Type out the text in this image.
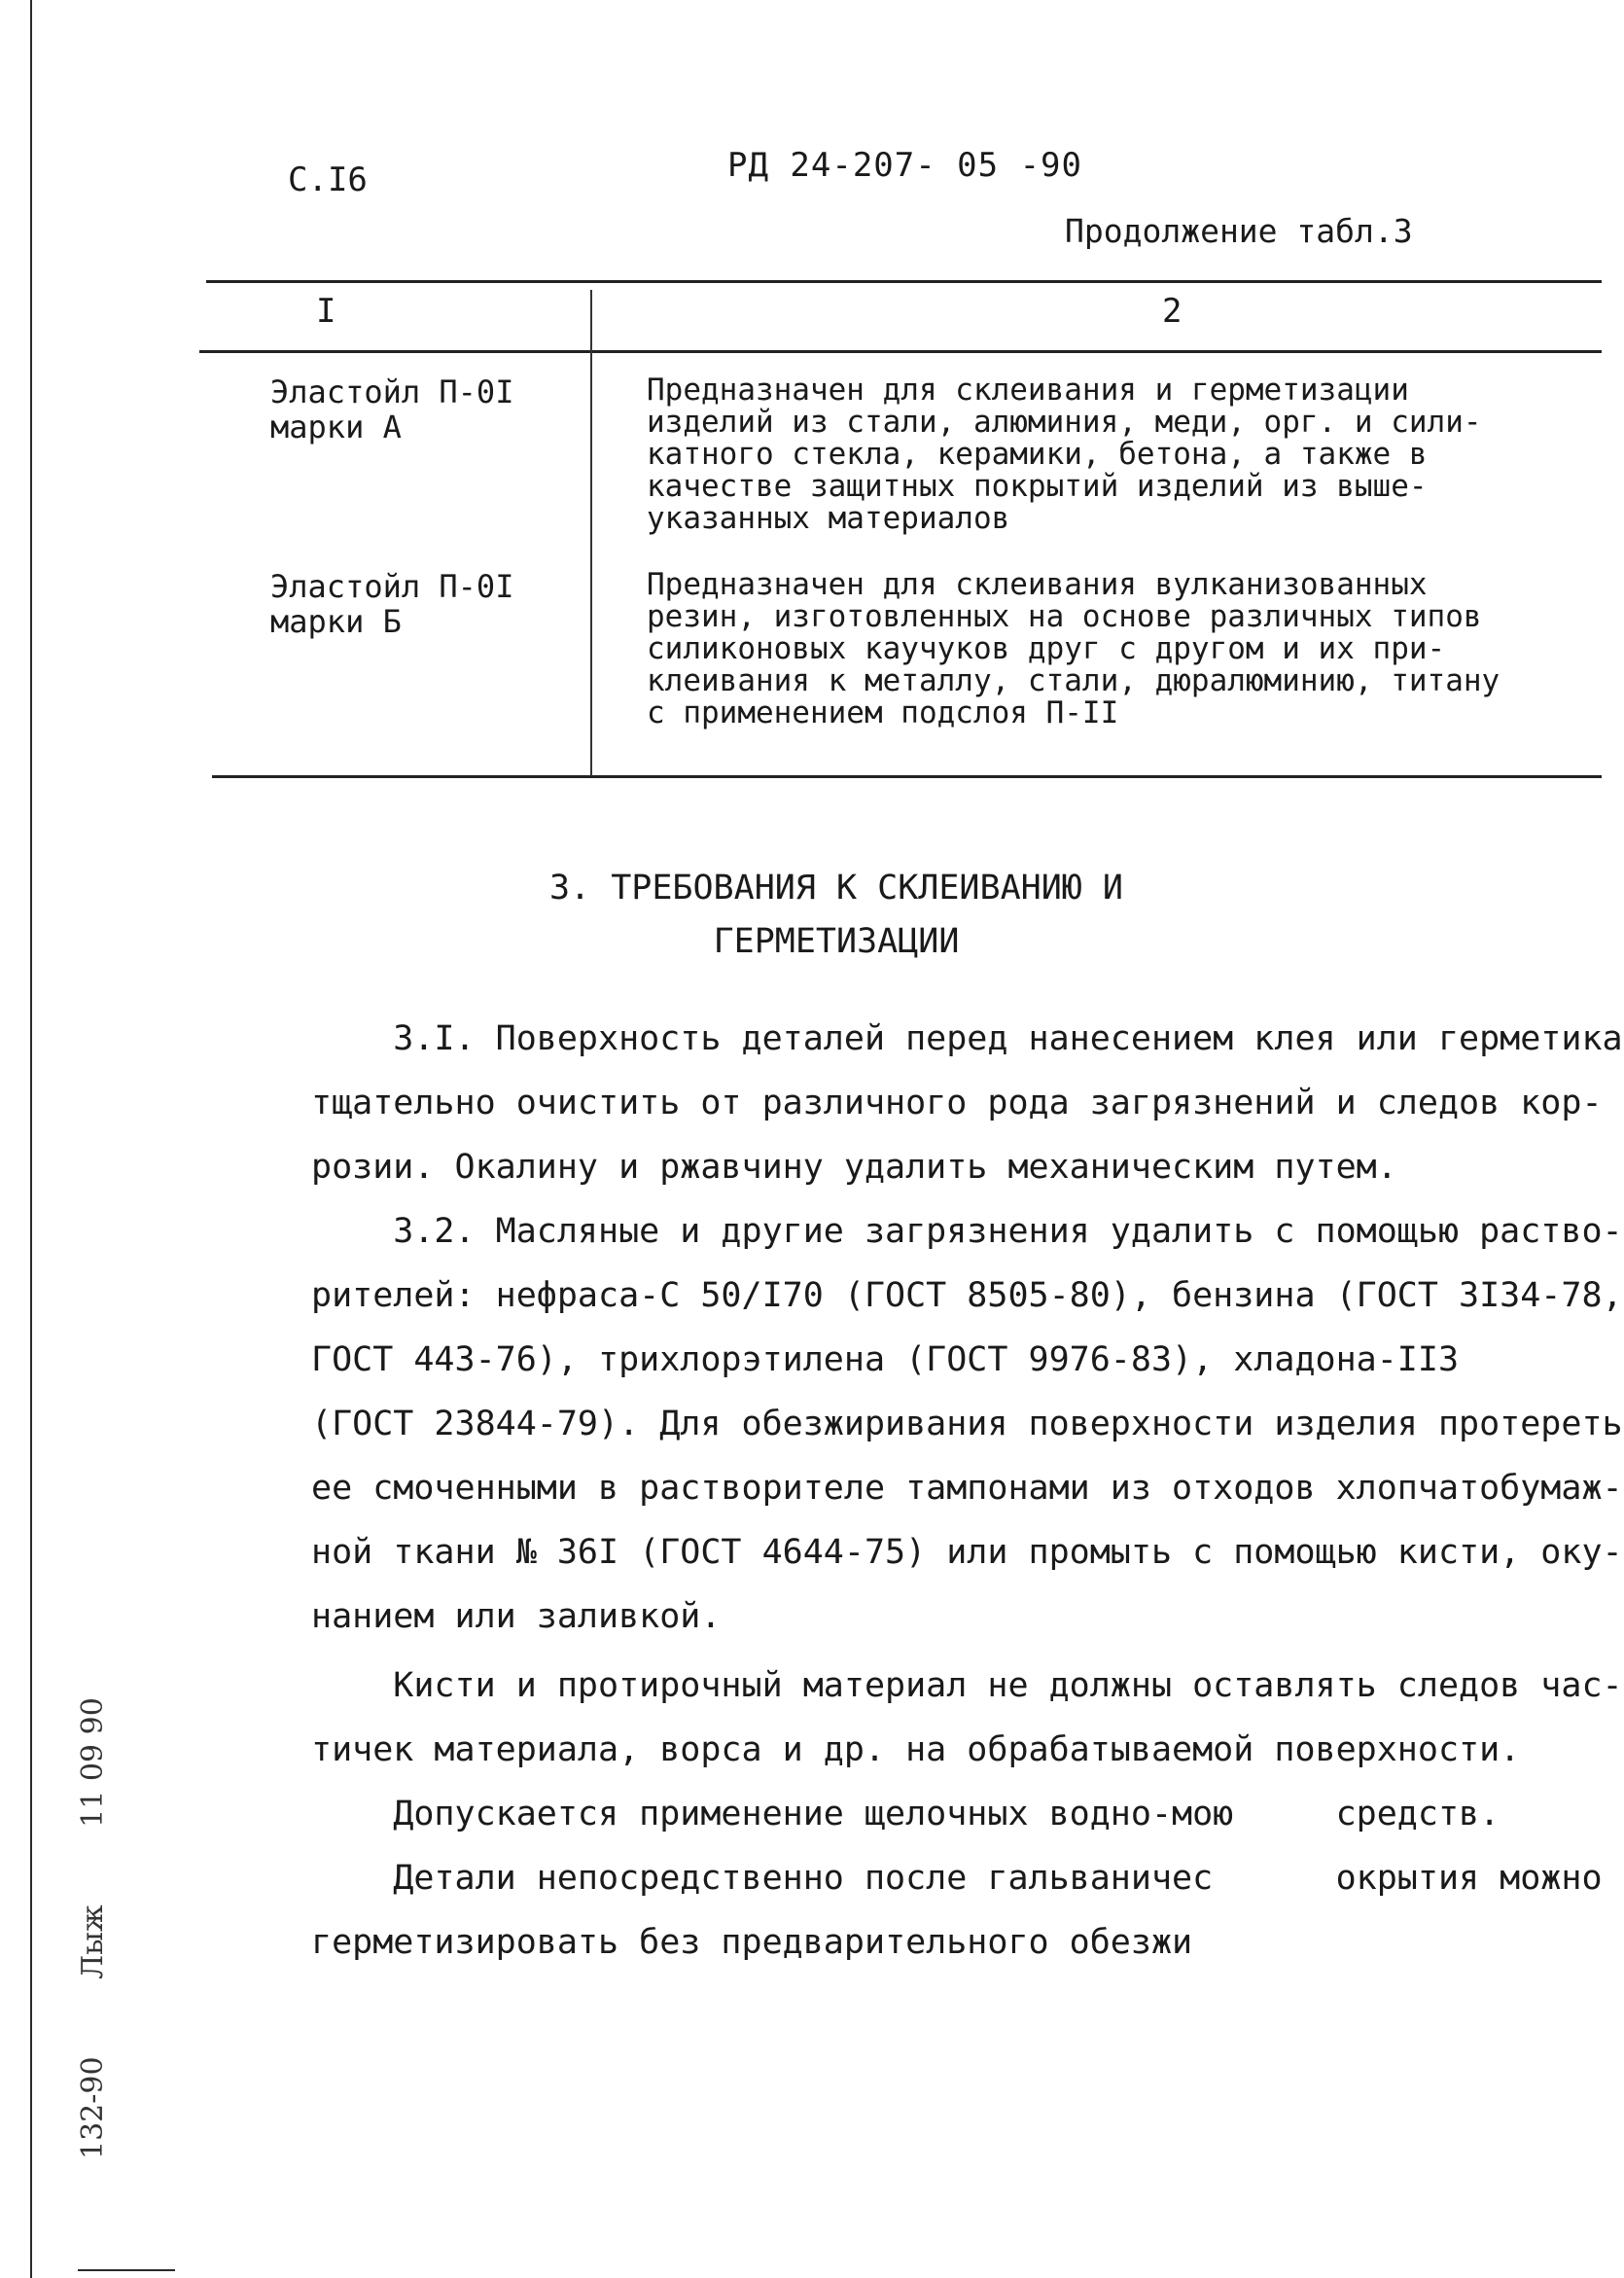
С.I6	РД 24-207- 05 -90
Продолжение табл.3
I	2
Эластойл П-0I
марки А
Предназначен для склеивания и герметизации
изделий из стали, алюминия, меди, орг. и сили-
катного стекла, керамики, бетона, а также в
качестве защитных покрытий изделий из выше-
указанных материалов
Эластойл П-0I
марки Б
Предназначен для склеивания вулканизованных
резин, изготовленных на основе различных типов
силиконовых каучуков друг с другом и их при-
клеивания к металлу, стали, дюралюминию, титану
с применением подслоя П-II
3. ТРЕБОВАНИЯ К СКЛЕИВАНИЮ И
ГЕРМЕТИЗАЦИИ
3.I. Поверхность деталей перед нанесением клея или герметика
тщательно очистить от различного рода загрязнений и следов кор-
розии. Окалину и ржавчину удалить механическим путем.
3.2. Масляные и другие загрязнения удалить с помощью раство-
рителей: нефраса-С 50/I70 (ГОСТ 8505-80), бензина (ГОСТ 3I34-78,
ГОСТ 443-76), трихлорэтилена (ГОСТ 9976-83), хладона-II3
(ГОСТ 23844-79). Для обезжиривания поверхности изделия протереть
ее смоченными в растворителе тампонами из отходов хлопчатобумаж-
ной ткани № 36I (ГОСТ 4644-75) или промыть с помощью кисти, оку-
нанием или заливкой.
Кисти и протирочный материал не должны оставлять следов час-
тичек материала, ворса и др. на обрабатываемой поверхности.
Допускается применение щелочных водно-мою     средств.
Детали непосредственно после гальваничес      окрытия можно
герметизировать без предварительного обезжи
132-90 Лыж 11 09 90
